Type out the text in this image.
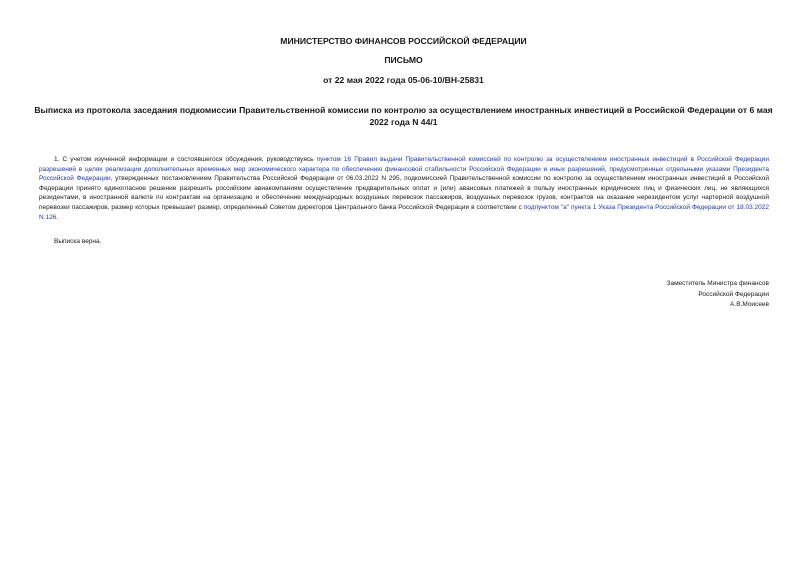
МИНИСТЕРСТВО ФИНАНСОВ РОССИЙСКОЙ ФЕДЕРАЦИИ
ПИСЬМО
от 22 мая 2022 года 05-06-10/ВН-25831
Выписка из протокола заседания подкомиссии Правительственной комиссии по контролю за осуществлением иностранных инвестиций в Российской Федерации от 6 мая 2022 года N 44/1
1. С учетом изученной информации и состоявшегося обсуждения, руководствуясь пункт​ом 16 Правил выдачи Правительственной комиссией по контролю за осуществлением иностранных инвестиций в Российской Федерации разрешений в целях реализации дополнительных временных мер экономического характера по обеспечению финансовой стабильности Российской Федерации и иных разрешений, предусмотренных отдельными указами Президента Российской Федерации, утвержденных постановлением Правительства Российской Федерации от 06.03.2022 N 295, подкомиссией Правительственной комиссии по контролю за осуществлением иностранных инвестиций в Российской Федерации принято единогласное решение разрешить российским авиакомпаниям осуществление предварительных оплат и (или) авансовых платежей в пользу иностранных юридических лиц и физических лиц, не являющихся резидентами, в иностранной валюте по контрактам на организацию и обеспечение международных воздушных перевозок пассажиров, воздушных перевозок грузов, контрактов на оказание нерезидентом услуг чартерной воздушной перевозки пассажиров, размер которых превышает размер, определенный Советом директоров Центрального банка Российской Федерации в соответствии с подпунктом "а" пункта 1 Указа Президента Российской Федерации от 18.03.2022 N 126.
Выписка верна.
Заместитель Министра финансов
Российской Федерации
А.В.Моисеев
